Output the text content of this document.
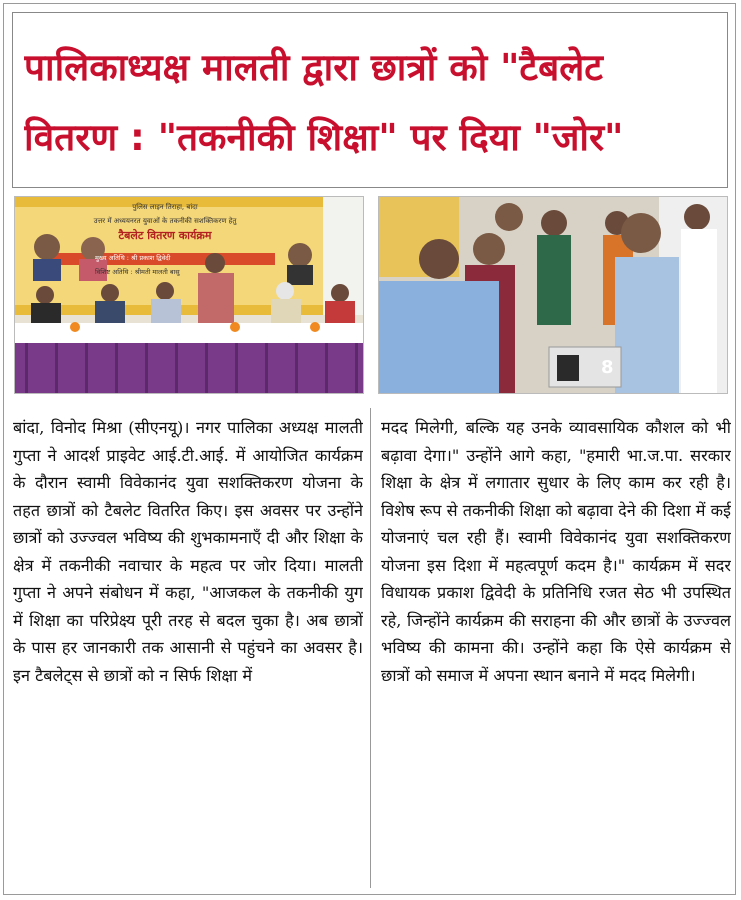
पालिकाध्यक्ष मालती द्वारा छात्रों को "टैबलेट
वितरण : "तकनीकी शिक्षा" पर दिया "जोर"
पुलिस लाइन तिराहा, बांदा
उत्तर में अध्ययनरत युवाओं के तकनीकी सशक्तिकरण हेतु
टैबलेट वितरण कार्यक्रम
मुख्य अतिथि : श्री प्रकाश द्विवेदी
विशिष्ट अतिथि : श्रीमती मालती बासु
8

बांदा, विनोद मिश्रा (सीएनयू)। नगर पालिका अध्यक्ष मालती गुप्ता ने आदर्श प्राइवेट आई.टी.आई. में आयोजित कार्यक्रम के दौरान स्वामी विवेकानंद युवा सशक्तिकरण योजना के तहत छात्रों को टैबलेट वितरित किए। इस अवसर पर उन्होंने छात्रों को उज्ज्वल भविष्य की शुभकामनाएँ दी और शिक्षा के क्षेत्र में तकनीकी नवाचार के महत्व पर जोर दिया। मालती गुप्ता ने अपने संबोधन में कहा, "आजकल के तकनीकी युग में शिक्षा का परिप्रेक्ष्य पूरी तरह से बदल चुका है। अब छात्रों के पास हर जानकारी तक आसानी से पहुंचने का अवसर है। इन टैबलेट्स से छात्रों को न सिर्फ शिक्षा में

मदद मिलेगी, बल्कि यह उनके व्यावसायिक कौशल को भी बढ़ावा देगा।" उन्होंने आगे कहा, "हमारी भा.ज.पा. सरकार शिक्षा के क्षेत्र में लगातार सुधार के लिए काम कर रही है। विशेष रूप से तकनीकी शिक्षा को बढ़ावा देने की दिशा में कई योजनाएं चल रही हैं। स्वामी विवेकानंद युवा सशक्तिकरण योजना इस दिशा में महत्वपूर्ण कदम है।" कार्यक्रम में सदर विधायक प्रकाश द्विवेदी के प्रतिनिधि रजत सेठ भी उपस्थित रहे, जिन्होंने कार्यक्रम की सराहना की और छात्रों के उज्ज्वल भविष्य की कामना की। उन्होंने कहा कि ऐसे कार्यक्रम से छात्रों को समाज में अपना स्थान बनाने में मदद मिलेगी।
